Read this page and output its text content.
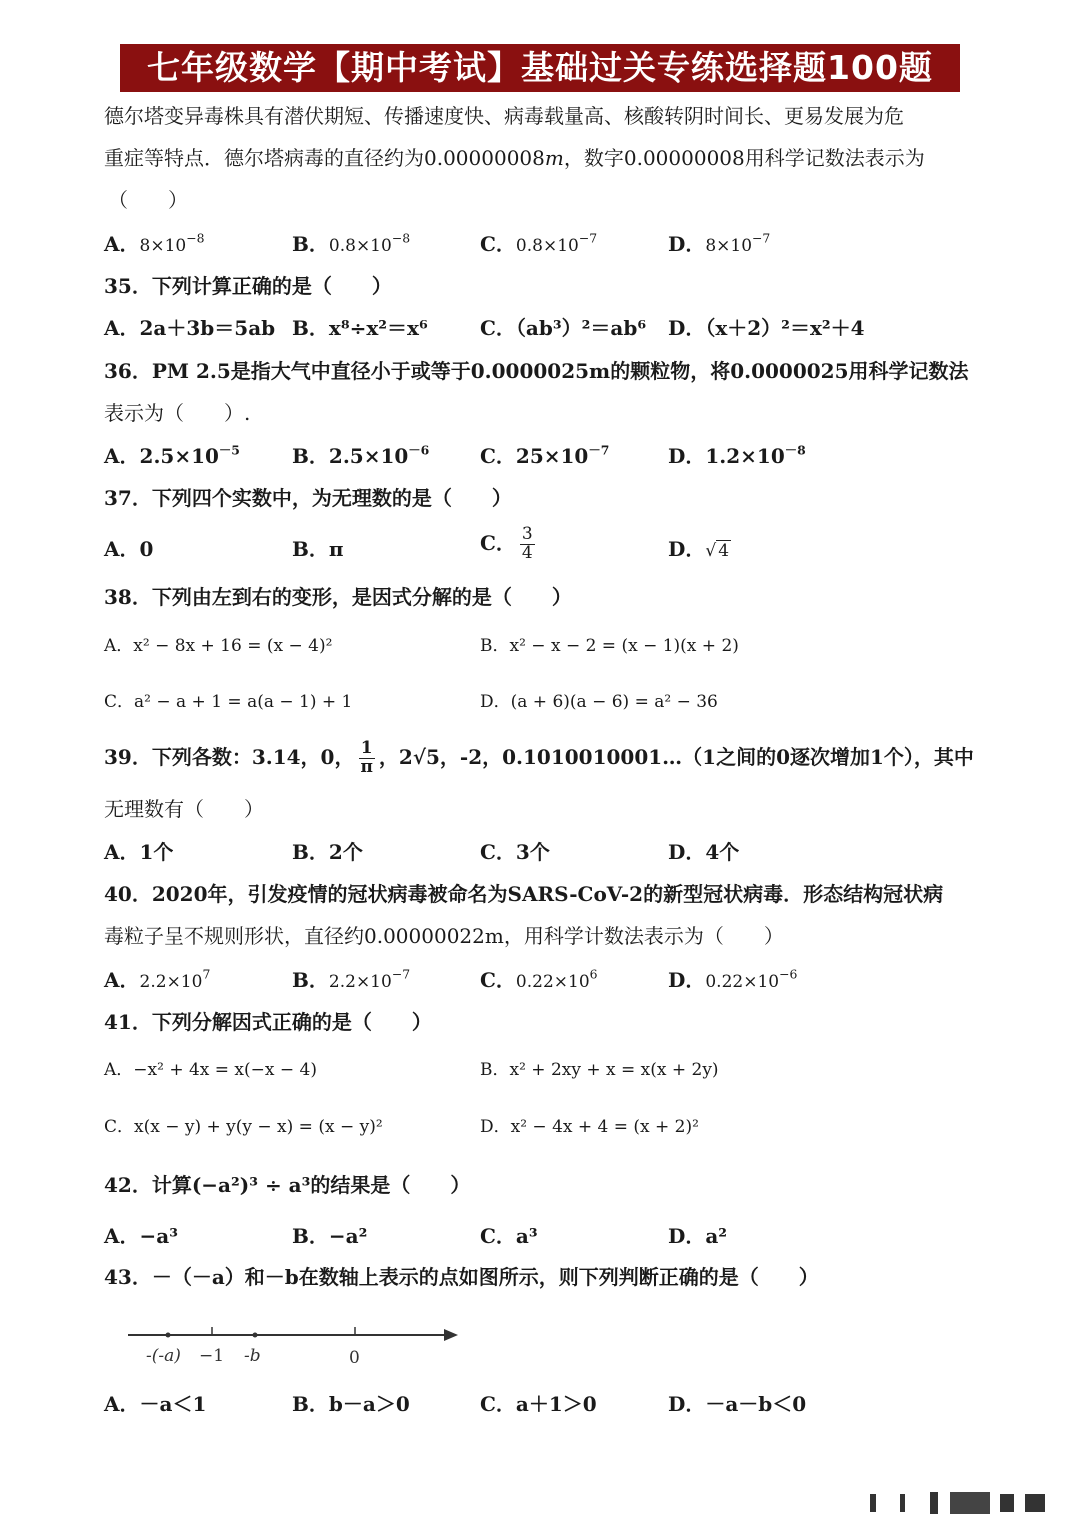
七年级数学【期中考试】基础过关专练选择题100题
德尔塔变异毒株具有潜伏期短、传播速度快、病毒载量高、核酸转阴时间长、更易发展为危
重症等特点．德尔塔病毒的直径约为0.00000008m，数字0.00000008用科学记数法表示为
（　　）
A．$8\times 10^{-8}$	B．$0.8\times 10^{-8}$	C．$0.8\times 10^{-7}$	D．$8\times 10^{-7}$
35．下列计算正确的是（　　）
A．2a＋3b＝5ab B．x⁸÷x²＝x⁶	C．（ab³）²＝ab⁶ D．（x＋2）²＝x²＋4
36．PM 2.5是指大气中直径小于或等于0.0000025m的颗粒物，将0.0000025用科学记数法
表示为（　　）.
A．$2.5\times 10^{-5}$	B．$2.5\times 10^{-6}$	C．$25\times 10^{-7}$	D．$1.2\times 10^{-8}$
37．下列四个实数中，为无理数的是（　　）
A．0	B．π	C． $\frac{3}{4}$	D．√ 4
38．下列由左到右的变形，是因式分解的是（　　）
A．x² − 8x + 16 = (x − 4)²	B．x² − x − 2 = (x − 1)(x + 2)
C．a² − a + 1 = a(a − 1) + 1	D．(a + 6)(a − 6) = a² − 36
39．下列各数：3.14，0， $\frac{1}{\pi}$ ，2√5，-2，0.1010010001…（1之间的0逐次增加1个），其中
无理数有（　　）
A．1个	B．2个	C．3个	D．4个
40．2020年，引发疫情的冠状病毒被命名为SARS-CoV-2的新型冠状病毒．形态结构冠状病
毒粒子呈不规则形状，直径约0.00000022m，用科学计数法表示为（　　）
A．$2.2\times 10^7$	B．$2.2\times 10^{-7}$	C．$0.22\times 10^6$	D．$0.22\times 10^{-6}$
41．下列分解因式正确的是（　　）
A．−x² + 4x = x(−x − 4)	B．x² + 2xy + x = x(x + 2y)
C．x(x − y) + y(y − x) = (x − y)²	D．x² − 4x + 4 = (x + 2)²
42．计算(−a²)³ ÷ a³的结果是（　　）
A．−a³	B．−a²	C．a³	D．a²
43．－（－a）和－b在数轴上表示的点如图所示，则下列判断正确的是（　　）
-(-a) −1 -b	0
A．－a＜1	B．b－a＞0	C．a＋1＞0	D．－a－b＜0
